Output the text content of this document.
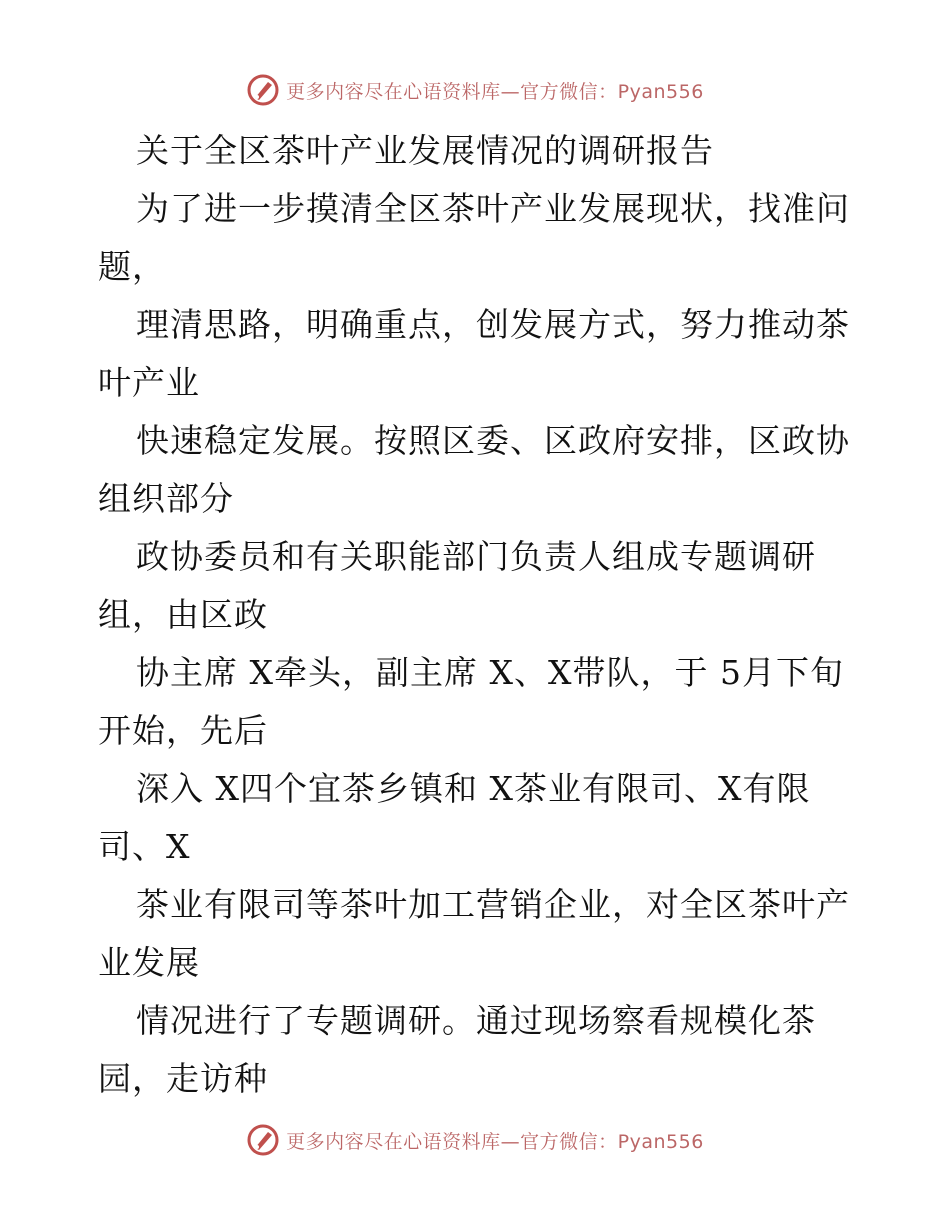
更多内容尽在心语资料库—官方微信：Pyan556
关于全区茶叶产业发展情况的调研报告
为了进一步摸清全区茶叶产业发展现状，找准问
题，
理清思路，明确重点，创发展方式，努力推动茶
叶产业
快速稳定发展。按照区委、区政府安排，区政协
组织部分
政协委员和有关职能部门负责人组成专题调研
组，由区政
协主席 X牵头，副主席 X、X带队，于 5月下旬
开始，先后
深入 X四个宜茶乡镇和 X茶业有限司、X有限
司、X
茶业有限司等茶叶加工营销企业，对全区茶叶产
业发展
情况进行了专题调研。通过现场察看规模化茶
园，走访种
更多内容尽在心语资料库—官方微信：Pyan556
